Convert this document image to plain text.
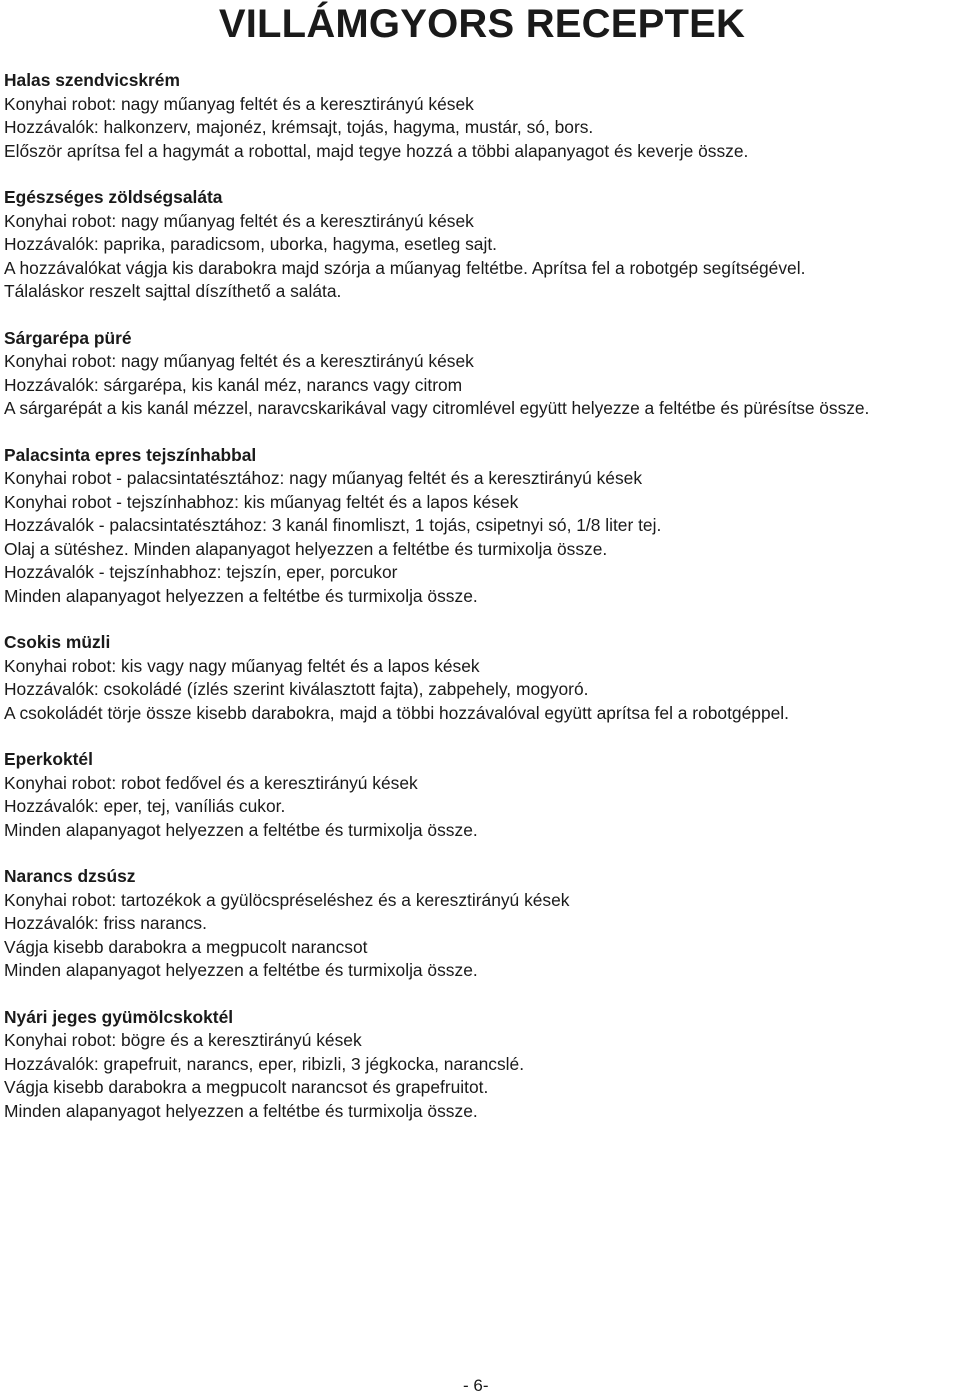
VILLÁMGYORS RECEPTEK
Halas szendvicskrém
Konyhai robot: nagy műanyag feltét és a keresztirányú kések
Hozzávalók: halkonzerv, majonéz, krémsajt, tojás, hagyma, mustár, só, bors.
Először aprítsa fel a hagymát a robottal, majd tegye hozzá a többi alapanyagot és keverje össze.
Egészséges zöldségsaláta
Konyhai robot: nagy műanyag feltét és a keresztirányú kések
Hozzávalók: paprika, paradicsom, uborka, hagyma, esetleg sajt.
A hozzávalókat vágja kis darabokra majd szórja a műanyag feltétbe. Aprítsa fel a robotgép segítségével.
Tálaláskor reszelt sajttal díszíthető a saláta.
Sárgarépa püré
Konyhai robot: nagy műanyag feltét és a keresztirányú kések
Hozzávalók: sárgarépa, kis kanál méz, narancs vagy citrom
A sárgarépát a kis kanál mézzel, naravcskarikával vagy citromlével együtt helyezze a feltétbe és pürésítse össze.
Palacsinta epres tejszínhabbal
Konyhai robot - palacsintatésztához: nagy műanyag feltét és a keresztirányú kések
Konyhai robot - tejszínhabhoz: kis műanyag feltét és a lapos kések
Hozzávalók - palacsintatésztához: 3 kanál finomliszt, 1 tojás, csipetnyi só, 1/8 liter tej.
Olaj a sütéshez. Minden alapanyagot helyezzen a feltétbe és turmixolja össze.
Hozzávalók - tejszínhabhoz: tejszín, eper, porcukor
Minden alapanyagot helyezzen a feltétbe és turmixolja össze.
Csokis müzli
Konyhai robot: kis vagy nagy műanyag feltét és a lapos kések
Hozzávalók: csokoládé (ízlés szerint kiválasztott fajta), zabpehely, mogyoró.
A csokoládét törje össze kisebb darabokra, majd a többi hozzávalóval együtt aprítsa fel a robotgéppel.
Eperkoktél
Konyhai robot: robot fedővel és a keresztirányú kések
Hozzávalók: eper, tej, vaníliás cukor.
Minden alapanyagot helyezzen a feltétbe és turmixolja össze.
Narancs dzsúsz
Konyhai robot: tartozékok a gyülöcspréseléshez és a keresztirányú kések
Hozzávalók: friss narancs.
Vágja kisebb darabokra a megpucolt narancsot
Minden alapanyagot helyezzen a feltétbe és turmixolja össze.
Nyári jeges gyümölcskoktél
Konyhai robot: bögre és a keresztirányú kések
Hozzávalók: grapefruit, narancs, eper, ribizli, 3 jégkocka, narancslé.
Vágja kisebb darabokra a megpucolt narancsot és grapefruitot.
Minden alapanyagot helyezzen a feltétbe és turmixolja össze.
- 6-
